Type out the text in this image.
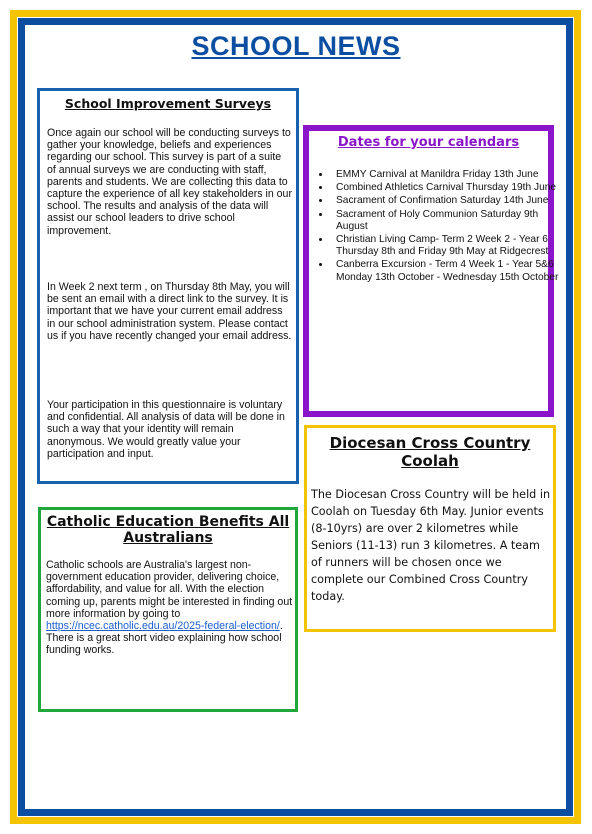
SCHOOL NEWS
School Improvement Surveys
Once again our school will be conducting surveys to gather your knowledge, beliefs and experiences regarding our school. This survey is part of a suite of annual surveys we are conducting with staff, parents and students. We are collecting this data to capture the experience of all key stakeholders in our school. The results and analysis of the data will assist our school leaders to drive school improvement.
In Week 2 next term , on Thursday 8th May, you will be sent an email with a direct link to the survey. It is important that we have your current email address in our school administration system. Please contact us if you have recently changed your email address.
Your participation in this questionnaire is voluntary and confidential. All analysis of data will be done in such a way that your identity will remain anonymous. We would greatly value your participation and input.
Dates for your calendars
• EMMY Carnival at Manildra Friday 13th June
• Combined Athletics Carnival Thursday 19th June
• Sacrament of Confirmation Saturday 14th June
• Sacrament of Holy Communion Saturday 9th August
• Christian Living Camp- Term 2 Week 2 - Year 6 Thursday 8th and Friday 9th May at Ridgecrest
• Canberra Excursion - Term 4 Week 1 - Year 5&6 Monday 13th October - Wednesday 15th October
Diocesan Cross Country Coolah
The Diocesan Cross Country will be held in Coolah on Tuesday 6th May. Junior events (8-10yrs) are over 2 kilometres while Seniors (11-13) run 3 kilometres. A team of runners will be chosen once we complete our Combined Cross Country today.
Catholic Education Benefits All Australians
Catholic schools are Australia's largest non-government education provider, delivering choice, affordability, and value for all. With the election coming up, parents might be interested in finding out more information by going to
https://ncec.catholic.edu.au/2025-federal-election/.
There is a great short video explaining how school funding works.
